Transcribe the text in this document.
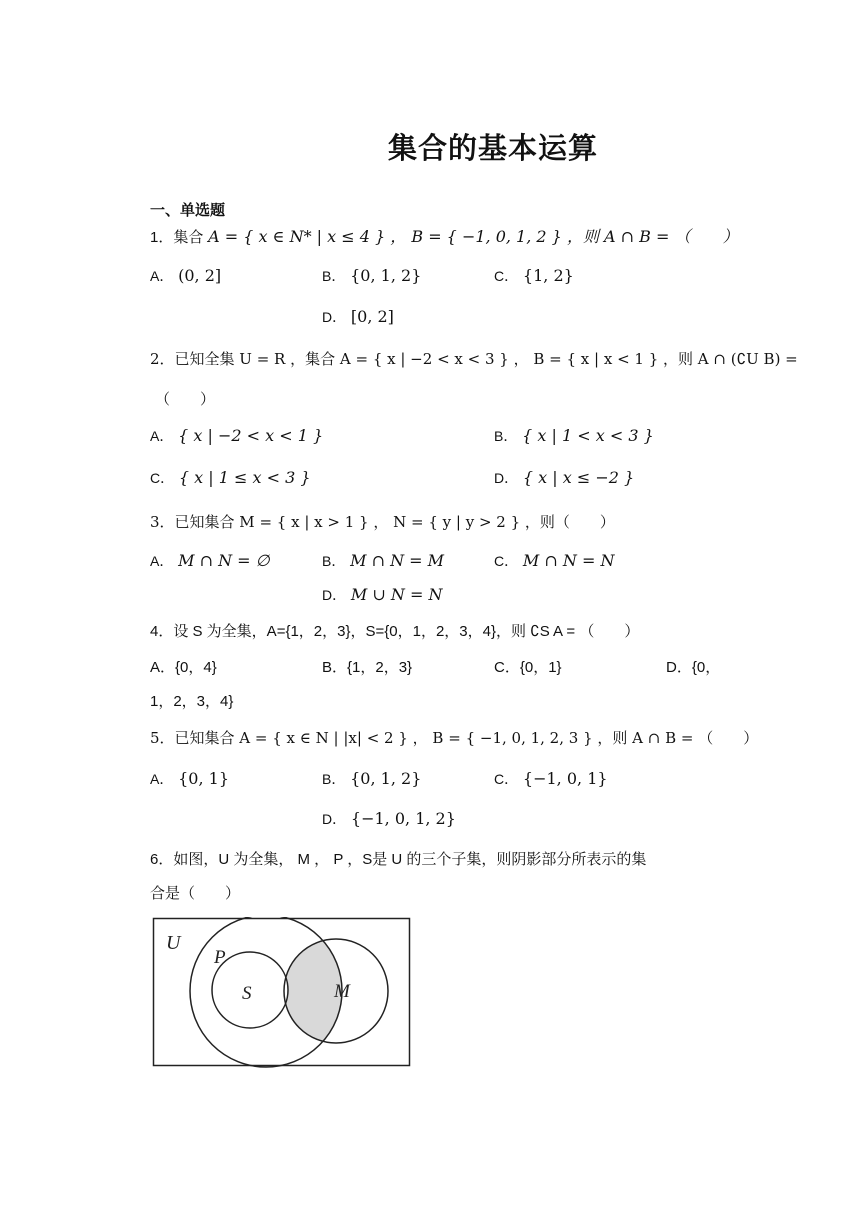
集合的基本运算
一、单选题
1．集合 A = { x ∈ N* | x ≤ 4 } ， B = { −1, 0, 1, 2 } ，则 A ∩ B = （　　）
A． (0, 2]	B． {0, 1, 2}	C． {1, 2}
D． [0, 2]
2．已知全集 U = R ，集合 A = { x | −2 < x < 3 } ， B = { x | x < 1 } ，则 A ∩ (∁U B) =
（　　）
A． { x | −2 < x < 1 }	B． { x | 1 < x < 3 }
C． { x | 1 ≤ x < 3 }	D． { x | x ≤ −2 }
3．已知集合 M = { x | x > 1 } ， N = { y | y > 2 } ，则（　　）
A． M ∩ N = ∅	B． M ∩ N = M	C． M ∩ N = N
D． M ∪ N = N
4．设 S 为全集，A={1，2，3}，S={0，1，2，3，4}，则 ∁S A = （　　）
A．{0，4}	B．{1，2，3}	C．{0，1}	D．{0，
1，2，3，4}
5．已知集合 A = { x ∈ N | |x| < 2 } ， B = { −1, 0, 1, 2, 3 } ，则 A ∩ B = （　　）
A． {0, 1}	B． {0, 1, 2}	C． {−1, 0, 1}
D． {−1, 0, 1, 2}
6．如图，U 为全集， M ， P ，S是 U 的三个子集，则阴影部分所表示的集
合是（　　）
U
P
S	M
